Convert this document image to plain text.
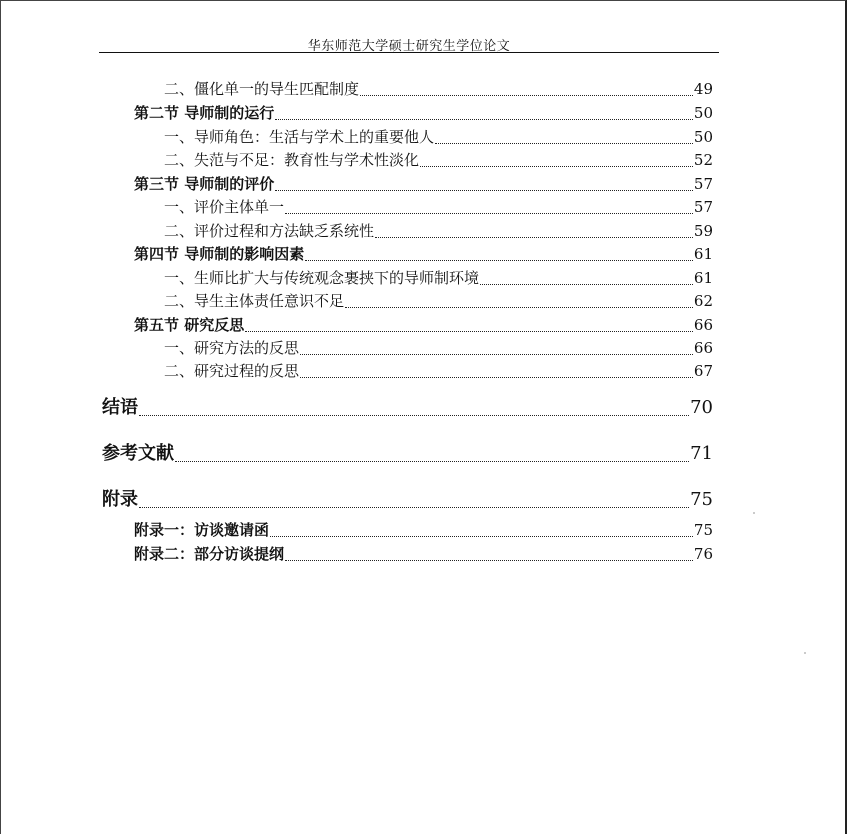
华东师范大学硕士研究生学位论文
二、僵化单一的导生匹配制度	49
第二节 导师制的运行	50
一、导师角色：生活与学术上的重要他人	50
二、失范与不足：教育性与学术性淡化	52
第三节 导师制的评价	57
一、评价主体单一	57
二、评价过程和方法缺乏系统性	59
第四节 导师制的影响因素	61
一、生师比扩大与传统观念裹挟下的导师制环境	61
二、导生主体责任意识不足	62
第五节 研究反思	66
一、研究方法的反思	66
二、研究过程的反思	67
结语	70
参考文献	71
附录	75
附录一：访谈邀请函	75
附录二：部分访谈提纲	76
